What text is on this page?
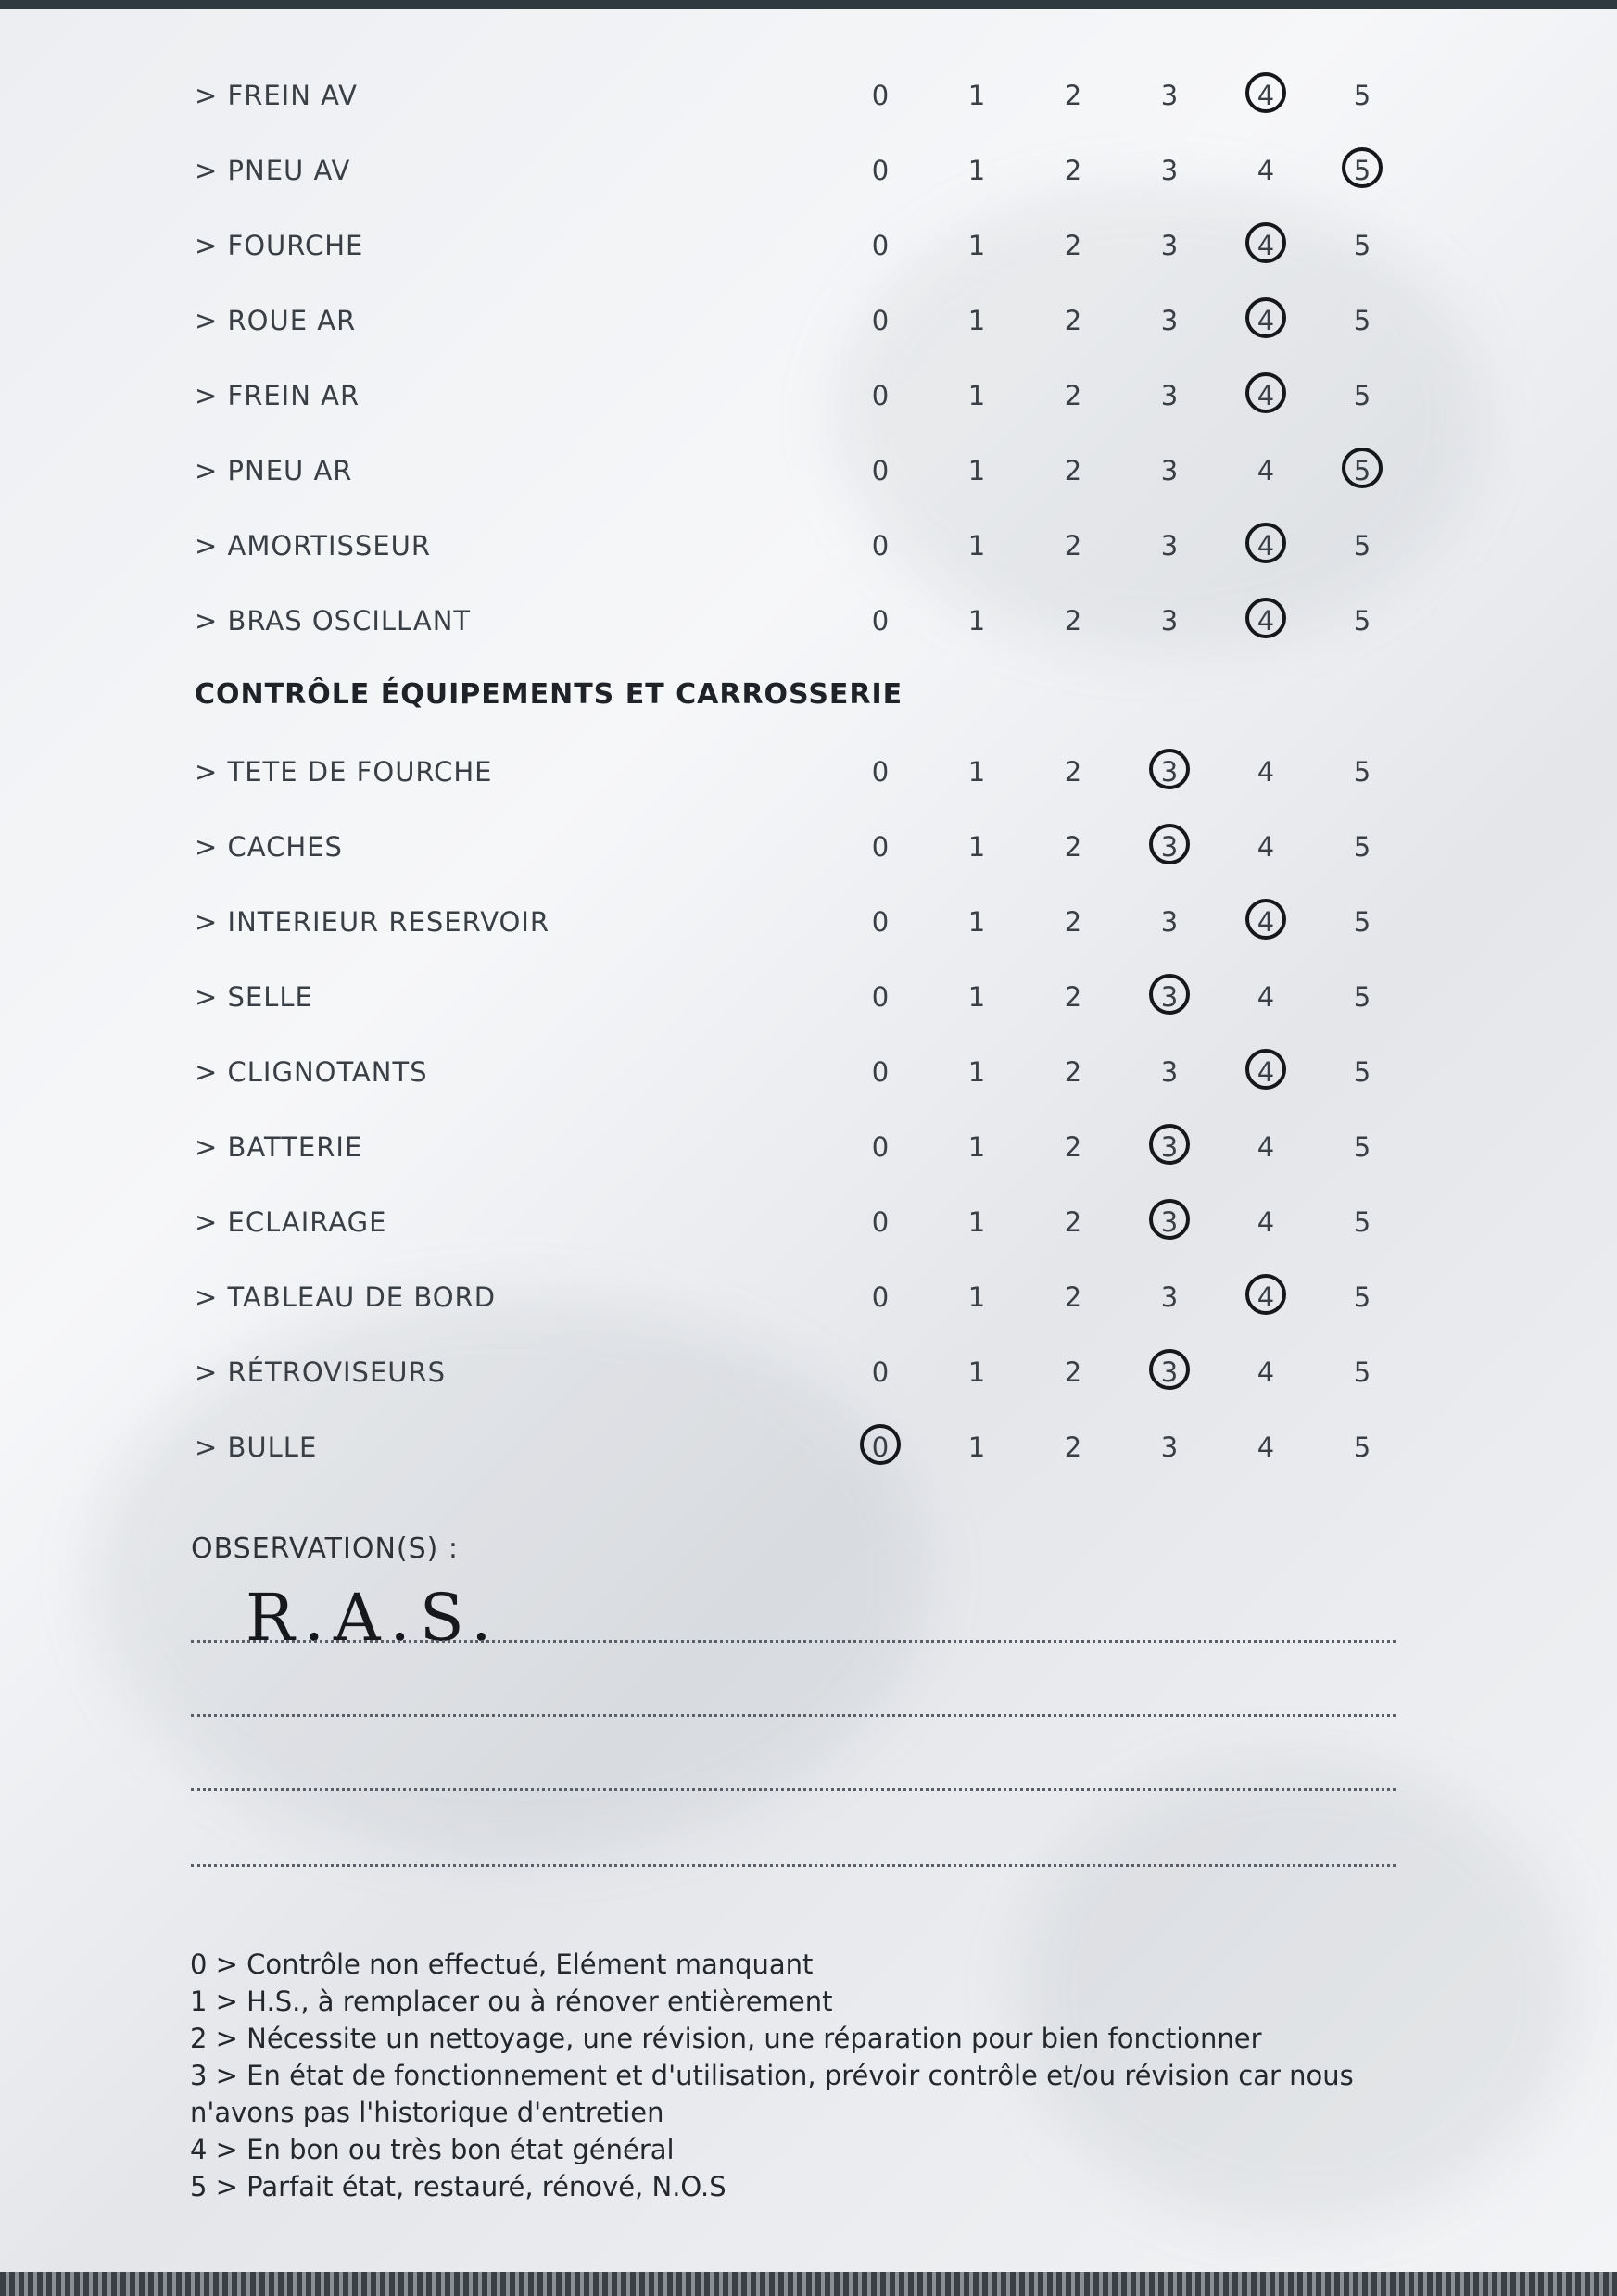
> FREIN AV	0	1	2	3	4	5
> PNEU AV	0	1	2	3	4	5
> FOURCHE	0	1	2	3	4	5
> ROUE AR	0	1	2	3	4	5
> FREIN AR	0	1	2	3	4	5
> PNEU AR	0	1	2	3	4	5
> AMORTISSEUR	0	1	2	3	4	5
> BRAS OSCILLANT	0	1	2	3	4	5
CONTRÔLE ÉQUIPEMENTS ET CARROSSERIE
> TETE DE FOURCHE	0	1	2	3	4	5
> CACHES	0	1	2	3	4	5
> INTERIEUR RESERVOIR	0	1	2	3	4	5
> SELLE	0	1	2	3	4	5
> CLIGNOTANTS	0	1	2	3	4	5
> BATTERIE	0	1	2	3	4	5
> ECLAIRAGE	0	1	2	3	4	5
> TABLEAU DE BORD	0	1	2	3	4	5
> RÉTROVISEURS	0	1	2	3	4	5
> BULLE	0	1	2	3	4	5
OBSERVATION(S) :
R.A.S.
0 > Contrôle non effectué, Elément manquant
1 > H.S., à remplacer ou à rénover entièrement
2 > Nécessite un nettoyage, une révision, une réparation pour bien fonctionner
3 > En état de fonctionnement et d'utilisation, prévoir contrôle et/ou révision car nous n'avons pas l'historique d'entretien
4 > En bon ou très bon état général
5 > Parfait état, restauré, rénové, N.O.S
